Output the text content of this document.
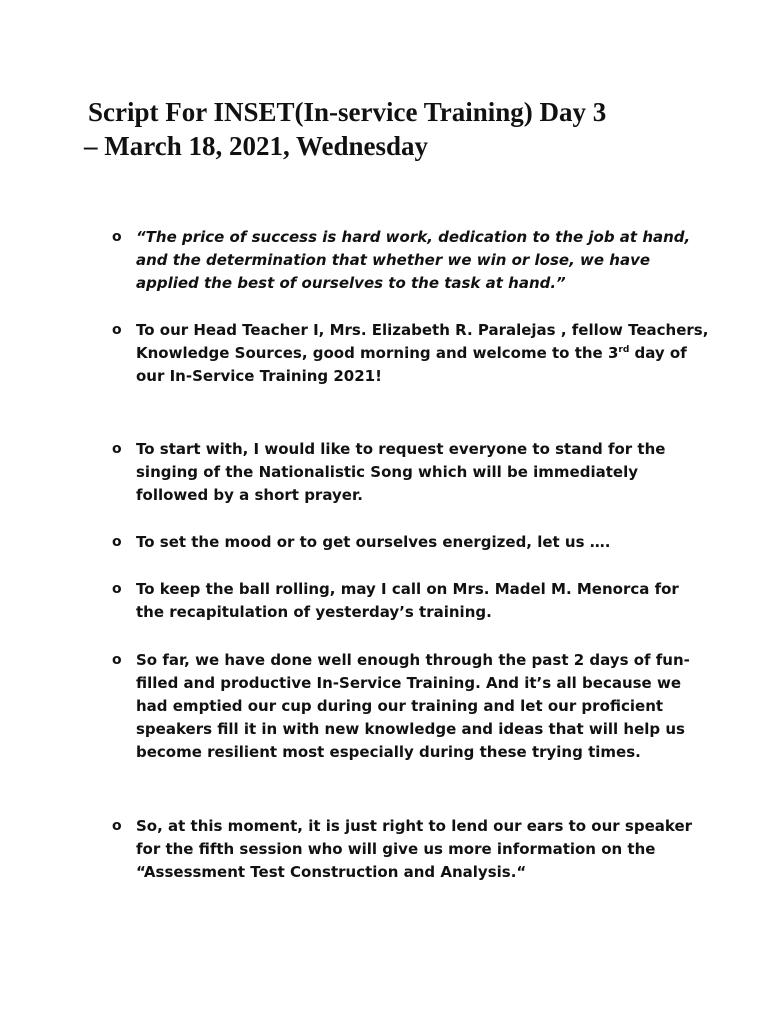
Script For INSET(In-service Training) Day 3
– March 18, 2021, Wednesday
o “The price of success is hard work, dedication to the job at hand,
and the determination that whether we win or lose, we have
applied the best of ourselves to the task at hand.”
o To our Head Teacher I, Mrs. Elizabeth R. Paralejas , fellow Teachers,
Knowledge Sources, good morning and welcome to the 3rd day of
our In-Service Training 2021!
o To start with, I would like to request everyone to stand for the
singing of the Nationalistic Song which will be immediately
followed by a short prayer.
o To set the mood or to get ourselves energized, let us ….
o To keep the ball rolling, may I call on Mrs. Madel M. Menorca for
the recapitulation of yesterday’s training.
o So far, we have done well enough through the past 2 days of fun-
filled and productive In-Service Training. And it’s all because we
had emptied our cup during our training and let our proficient
speakers fill it in with new knowledge and ideas that will help us
become resilient most especially during these trying times.
o So, at this moment, it is just right to lend our ears to our speaker
for the fifth session who will give us more information on the
“Assessment Test Construction and Analysis.“
